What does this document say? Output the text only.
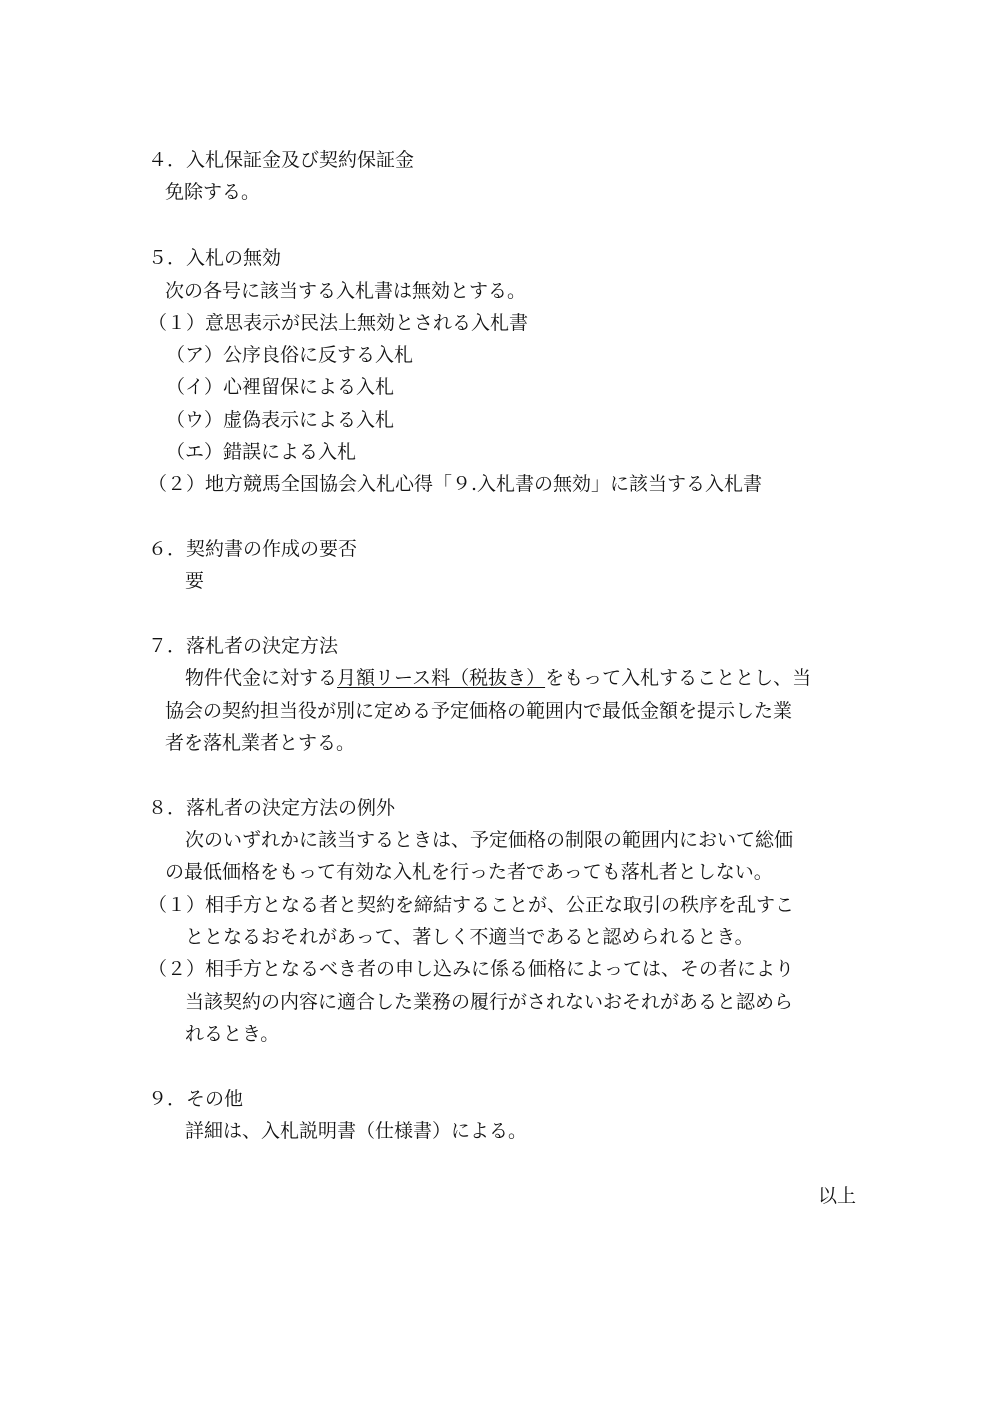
４．入札保証金及び契約保証金
免除する。
５．入札の無効
次の各号に該当する入札書は無効とする。
（１）意思表示が民法上無効とされる入札書
（ア）公序良俗に反する入札
（イ）心裡留保による入札
（ウ）虚偽表示による入札
（エ）錯誤による入札
（２）地方競馬全国協会入札心得「９.入札書の無効」に該当する入札書
６．契約書の作成の要否
要
７．落札者の決定方法
物件代金に対する月額リース料（税抜き）をもって入札することとし、当
協会の契約担当役が別に定める予定価格の範囲内で最低金額を提示した業
者を落札業者とする。
８．落札者の決定方法の例外
次のいずれかに該当するときは、予定価格の制限の範囲内において総価
の最低価格をもって有効な入札を行った者であっても落札者としない。
（１）相手方となる者と契約を締結することが、公正な取引の秩序を乱すこ
ととなるおそれがあって、著しく不適当であると認められるとき。
（２）相手方となるべき者の申し込みに係る価格によっては、その者により
当該契約の内容に適合した業務の履行がされないおそれがあると認めら
れるとき。
９．その他
詳細は、入札説明書（仕様書）による。
以上
